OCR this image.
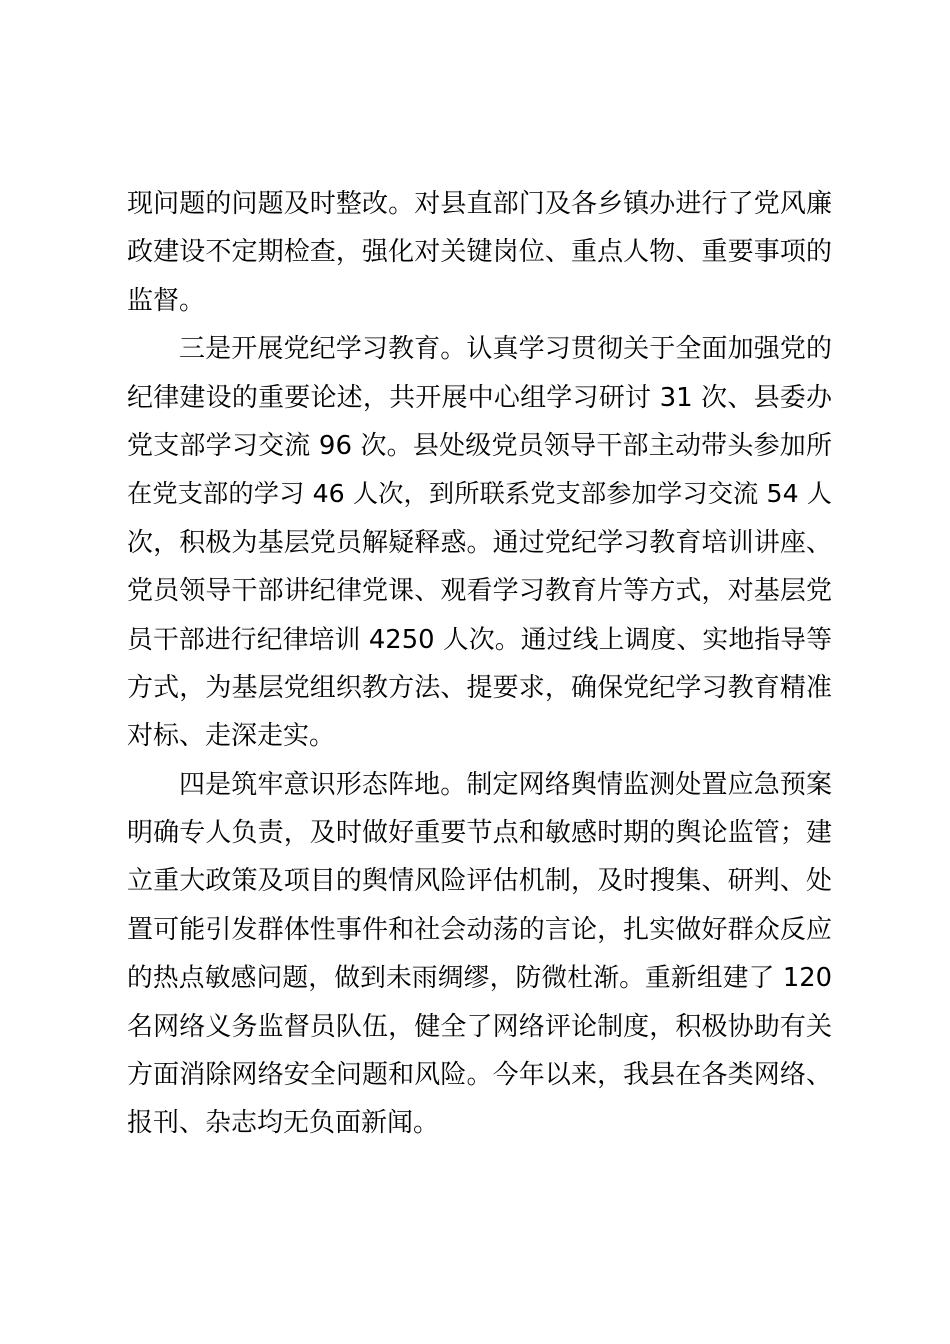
现问题的问题及时整改。对县直部门及各乡镇办进行了党风廉
政建设不定期检查，强化对关键岗位、重点人物、重要事项的
监督。
三是开展党纪学习教育。认真学习贯彻关于全面加强党的
纪律建设的重要论述，共开展中心组学习研讨 31 次、县委办
党支部学习交流 96 次。县处级党员领导干部主动带头参加所
在党支部的学习 46 人次，到所联系党支部参加学习交流 54 人
次，积极为基层党员解疑释惑。通过党纪学习教育培训讲座、
党员领导干部讲纪律党课、观看学习教育片等方式，对基层党
员干部进行纪律培训 4250 人次。通过线上调度、实地指导等
方式，为基层党组织教方法、提要求，确保党纪学习教育精准
对标、走深走实。
四是筑牢意识形态阵地。制定网络舆情监测处置应急预案
明确专人负责，及时做好重要节点和敏感时期的舆论监管；建
立重大政策及项目的舆情风险评估机制，及时搜集、研判、处
置可能引发群体性事件和社会动荡的言论，扎实做好群众反应
的热点敏感问题，做到未雨绸缪，防微杜渐。重新组建了 120
名网络义务监督员队伍，健全了网络评论制度，积极协助有关
方面消除网络安全问题和风险。今年以来，我县在各类网络、
报刊、杂志均无负面新闻。
